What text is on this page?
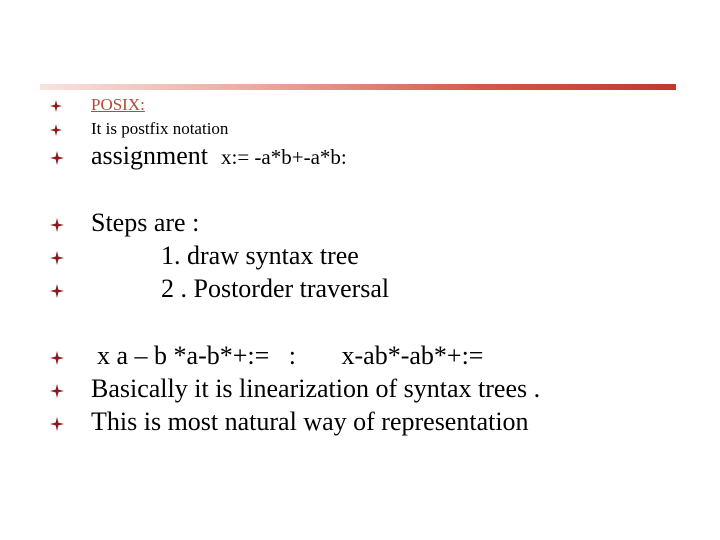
POSIX:
It is postfix notation
assignment x:= -a*b+-a*b:
Steps are :
1. draw syntax tree
2 . Postorder traversal
x a – b *a-b*+:=   :       x-ab*-ab*+:=
Basically it is linearization of syntax trees .
This is most natural way of representation
